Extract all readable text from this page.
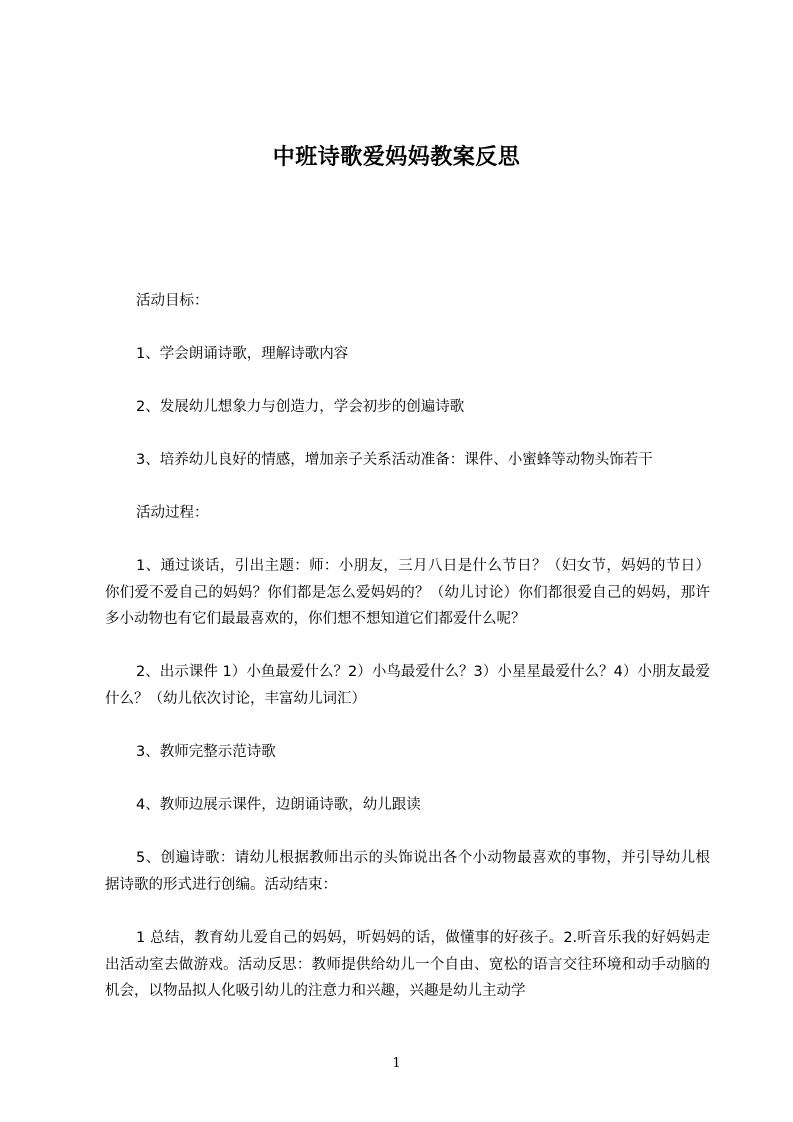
中班诗歌爱妈妈教案反思

活动目标：

1、学会朗诵诗歌，理解诗歌内容

2、发展幼儿想象力与创造力，学会初步的创遍诗歌

3、培养幼儿良好的情感，增加亲子关系活动准备：课件、小蜜蜂等动物头饰若干

活动过程：

1、通过谈话，引出主题：师：小朋友，三月八日是什么节日？（妇女节，妈妈的节日）你们爱不爱自己的妈妈？你们都是怎么爱妈妈的？（幼儿讨论）你们都很爱自己的妈妈，那许多小动物也有它们最最喜欢的，你们想不想知道它们都爱什么呢？

2、出示课件 1）小鱼最爱什么？2）小鸟最爱什么？3）小星星最爱什么？4）小朋友最爱什么？（幼儿依次讨论，丰富幼儿词汇）

3、教师完整示范诗歌

4、教师边展示课件，边朗诵诗歌，幼儿跟读

5、创遍诗歌：请幼儿根据教师出示的头饰说出各个小动物最喜欢的事物，并引导幼儿根据诗歌的形式进行创编。活动结束：

1 总结，教育幼儿爱自己的妈妈，听妈妈的话，做懂事的好孩子。2.听音乐我的好妈妈走出活动室去做游戏。活动反思：教师提供给幼儿一个自由、宽松的语言交往环境和动手动脑的机会，以物品拟人化吸引幼儿的注意力和兴趣，兴趣是幼儿主动学

1
